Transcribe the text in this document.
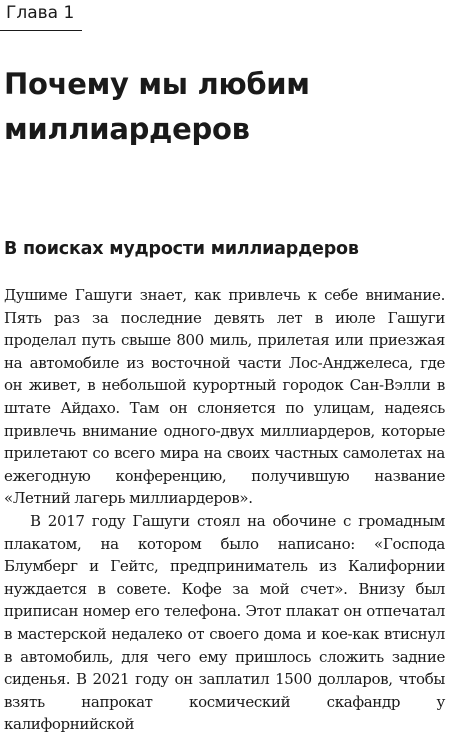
Глава 1
Почему мы любим миллиардеров
В поисках мудрости миллиардеров

Душиме Гашуги знает, как привлечь к себе внимание. Пять раз за последние девять лет в июле Гашуги проделал путь свыше 800 миль, прилетая или приезжая на автомобиле из восточной части Лос-Анджелеса, где он живет, в небольшой курортный городок Сан-Вэлли в штате Айдахо. Там он слоняется по улицам, надеясь привлечь внимание одного-двух миллиардеров, которые прилетают со всего мира на своих частных самолетах на ежегодную конференцию, получившую название «Летний лагерь миллиардеров».

В 2017 году Гашуги стоял на обочине с громадным плакатом, на котором было написано: «Господа Блумберг и Гейтс, предприниматель из Калифорнии нуждается в совете. Кофе за мой счет». Внизу был приписан номер его телефона. Этот плакат он отпечатал в мастерской недалеко от своего дома и кое-как втиснул в автомобиль, для чего ему пришлось сложить задние сиденья. В 2021 году он заплатил 1500 долларов, чтобы взять напрокат космический скафандр у калифорнийской
